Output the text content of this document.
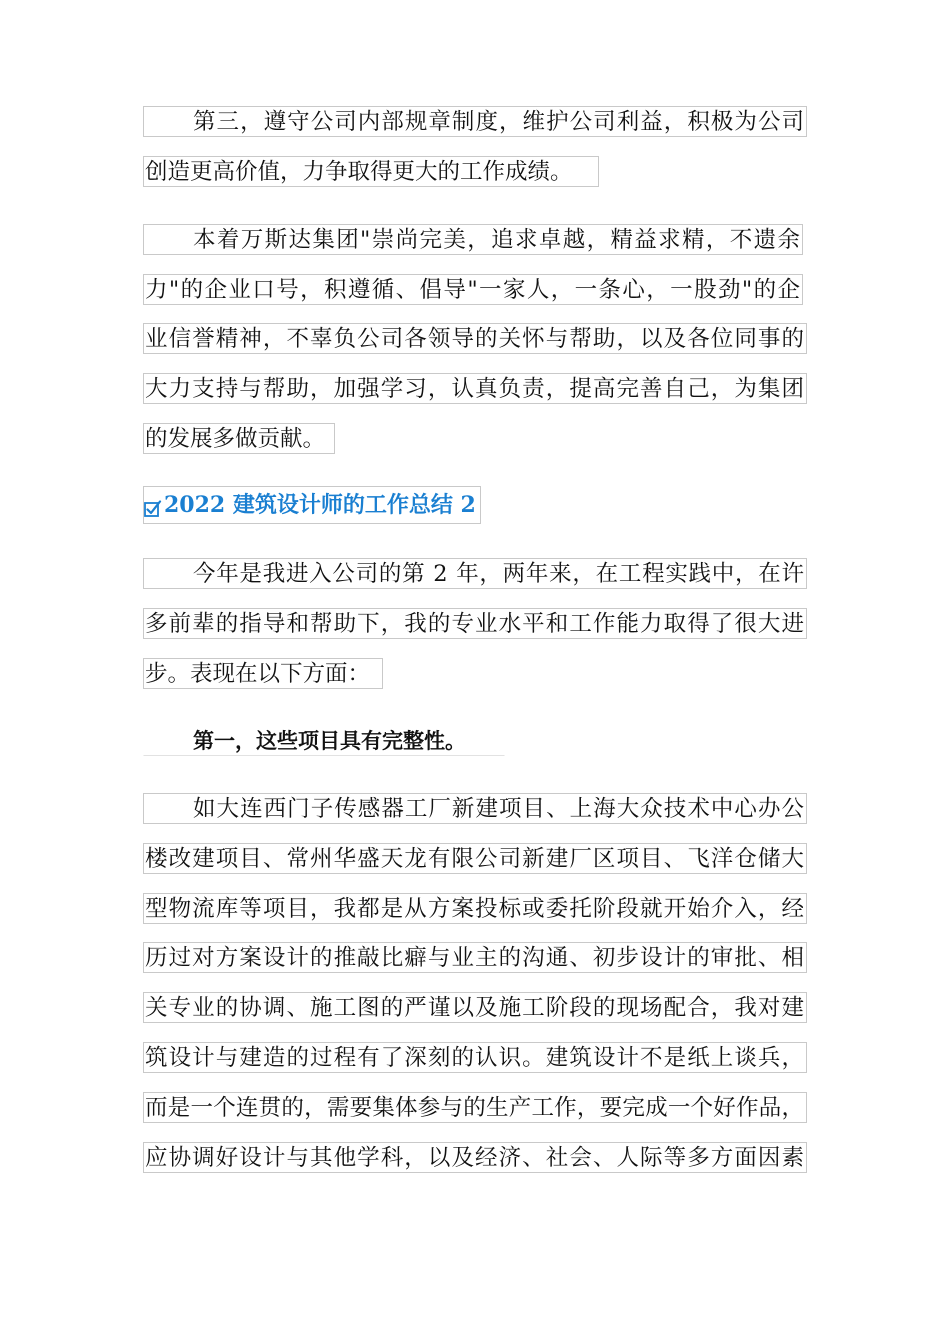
第三，遵守公司内部规章制度，维护公司利益，积极为公司
创造更高价值，力争取得更大的工作成绩。
本着万斯达集团"崇尚完美，追求卓越，精益求精，不遗余
力"的企业口号，积遵循、倡导"一家人，一条心，一股劲"的企
业信誉精神，不辜负公司各领导的关怀与帮助，以及各位同事的
大力支持与帮助，加强学习，认真负责，提高完善自己，为集团
的发展多做贡献。
2022 建筑设计师的工作总结 2
今年是我进入公司的第 2 年，两年来，在工程实践中，在许
多前辈的指导和帮助下，我的专业水平和工作能力取得了很大进
步。表现在以下方面：
第一，这些项目具有完整性。
如大连西门子传感器工厂新建项目、上海大众技术中心办公
楼改建项目、常州华盛天龙有限公司新建厂区项目、飞洋仓储大
型物流库等项目，我都是从方案投标或委托阶段就开始介入，经
历过对方案设计的推敲比癖与业主的沟通、初步设计的审批、相
关专业的协调、施工图的严谨以及施工阶段的现场配合，我对建
筑设计与建造的过程有了深刻的认识。建筑设计不是纸上谈兵，
而是一个连贯的，需要集体参与的生产工作，要完成一个好作品，
应协调好设计与其他学科，以及经济、社会、人际等多方面因素
